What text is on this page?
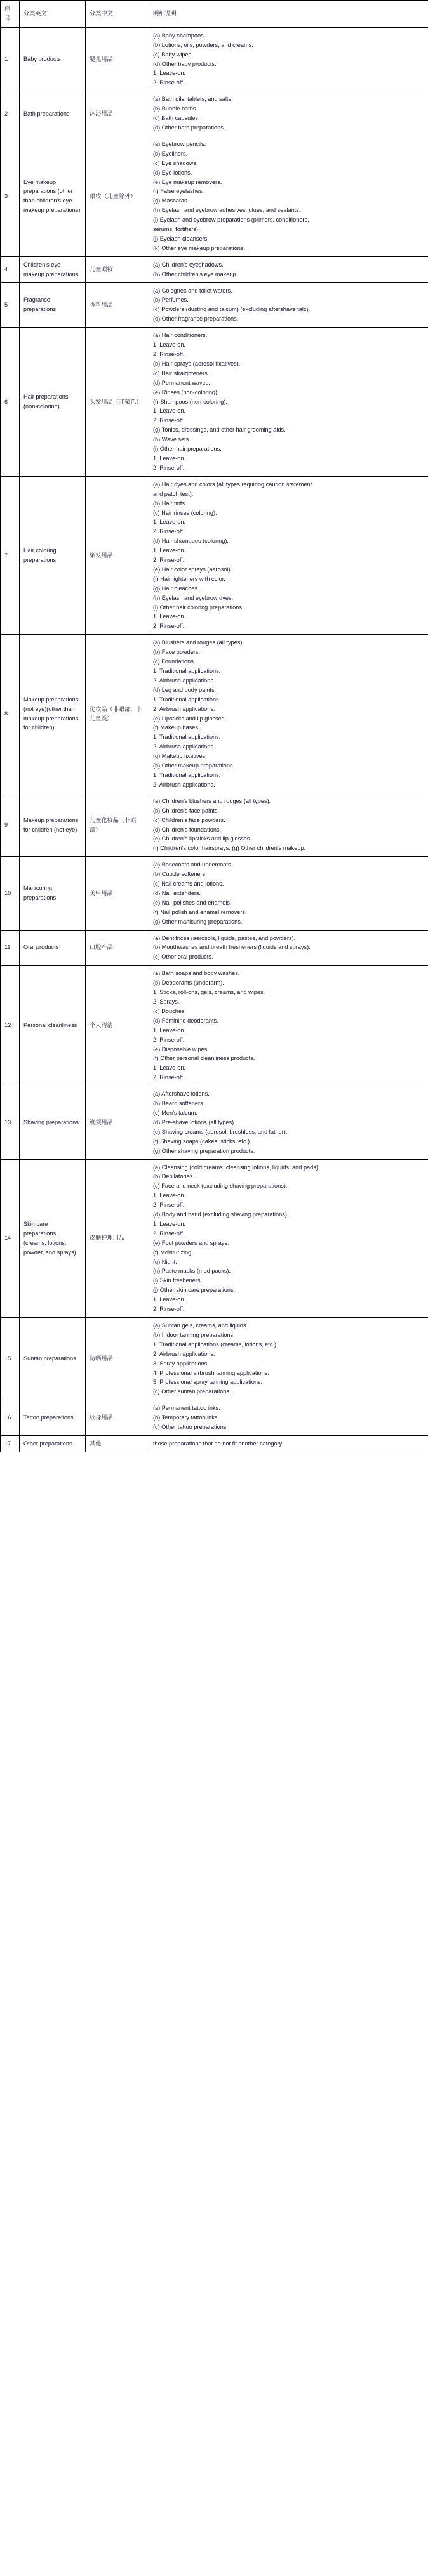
序号	分类英文	分类中文	明细说明
1	Baby products	婴儿用品	
(a) Baby shampoos.
(b) Lotions, oils, powders, and creams.
(c) Baby wipes.
(d) Other baby products.
1. Leave-on.
2. Rinse-off.

2	Bath preparations	沐浴用品	(a) Bath oils, tablets, and salts.
(b) Bubble baths.
(c) Bath capsules.
(d) Other bath preparations.

3	Eye makeup preparations (other than children’s eye makeup preparations)	眼妆（儿童除外）	
(a) Eyebrow pencils.
(b) Eyeliners.
(c) Eye shadows.
(d) Eye lotions.
(e) Eye makeup removers.
(f) False eyelashes.
(g) Mascaras.
(h) Eyelash and eyebrow adhesives, glues, and sealants.
(i) Eyelash and eyebrow preparations (primers, conditioners,
serums, fortifiers).
(j) Eyelash cleansers.
(k) Other eye makeup preparations.

4	Children’s eye makeup preparations	儿童眼妆	(a) Children’s eyeshadows.
(b) Other children’s eye makeup.

5	Fragrance preparations	香料用品	(a) Colognes and toilet waters.
(b) Perfumes.
(c) Powders (dusting and talcum) (excluding aftershave talc).
(d) Other fragrance preparations.

6	Hair preparations (non-coloring)	头发用品（非染色）	
(a) Hair conditioners.
1. Leave-on.
2. Rinse-off.
(b) Hair sprays (aerosol fixatives).
(c) Hair straighteners.
(d) Permanent waves.
(e) Rinses (non-coloring).
(f) Shampoos (non-coloring).
1. Leave-on.
2. Rinse-off.
(g) Tonics, dressings, and other hair grooming aids.
(h) Wave sets.
(i) Other hair preparations.
1. Leave-on.
2. Rinse-off.

7	Hair coloring preparations	染发用品	
(a) Hair dyes and colors (all types requiring caution statement
and patch test).
(b) Hair tints.
(c) Hair rinses (coloring).
1. Leave-on.
2. Rinse-off.
(d) Hair shampoos (coloring).
1. Leave-on.
2. Rinse-off.
(e) Hair color sprays (aerosol).
(f) Hair lighteners with color.
(g) Hair bleaches.
(h) Eyelash and eyebrow dyes.
(i) Other hair coloring preparations.
1. Leave-on.
2. Rinse-off.

8	Makeup preparations (not eye)(other than makeup preparations for children)	化妆品（非眼部，非儿童类）	
(a) Blushers and rouges (all types).
(b) Face powders.
(c) Foundations.
1. Traditional applications.
2. Airbrush applications.
(d) Leg and body paints.
1. Traditional applications.
2. Airbrush applications.
(e) Lipsticks and lip glosses.
(f) Makeup bases.
1. Traditional applications.
2. Airbrush applications.
(g) Makeup fixatives.
(h) Other makeup preparations.
1. Traditional applications.
2. Airbrush applications.

9	Makeup preparations for children (not eye)	儿童化妆品（非眼部）	
(a) Children’s blushers and rouges (all types).
(b) Children’s face paints.
(c) Children’s face powders.
(d) Children’s foundations.
(e) Children’s lipsticks and lip glosses.
(f) Children’s color hairsprays. (g) Other children’s makeup.

10	Manicuring preparations	美甲用品	
(a) Basecoats and undercoats.
(b) Cuticle softeners.
(c) Nail creams and lotions.
(d) Nail extenders.
(e) Nail polishes and enamels.
(f) Nail polish and enamel removers.
(g) Other manicuring preparations.

11	Oral products	口腔产品	(a) Dentifrices (aerosols, liquids, pastes, and powders).
(b) Mouthwashes and breath fresheners (liquids and sprays).
(c) Other oral products.

12	Personal cleanliness	个人清洁	
(a) Bath soaps and body washes.
(b) Deodorants (underarm).
1. Sticks, roll-ons, gels, creams, and wipes.
2. Sprays.
(c) Douches.
(d) Feminine deodorants.
1. Leave-on.
2. Rinse-off.
(e) Disposable wipes.
(f) Other personal cleanliness products.
1. Leave-on.
2. Rinse-off.

13	Shaving preparations	剃须用品	
(a) Aftershave lotions.
(b) Beard softeners.
(c) Men’s talcum.
(d) Pre-shave lotions (all types).
(e) Shaving creams (aerosol, brushless, and lather).
(f) Shaving soaps (cakes, sticks, etc.).
(g) Other shaving preparation products.

14	Skin care preparations. (creams, lotions, powder, and sprays)	皮肤护理用品	
(a) Cleansing (cold creams, cleansing lotions, liquids, and pads).
(b) Depilatories.
(c) Face and neck (excluding shaving preparations).
1. Leave-on.
2. Rinse-off.
(d) Body and hand (excluding shaving preparations).
1. Leave-on.
2. Rinse-off.
(e) Foot powders and sprays.
(f) Moisturizing.
(g) Night.
(h) Paste masks (mud packs).
(i) Skin fresheners.
(j) Other skin care preparations.
1. Leave-on.
2. Rinse-off.

15	Suntan preparations	防晒用品	
(a) Suntan gels, creams, and liquids.
(b) Indoor tanning preparations.
1. Traditional applications (creams, lotions, etc.).
2. Airbrush applications.
3. Spray applications.
4. Professional airbrush tanning applications.
5. Professional spray tanning applications.
(c) Other suntan preparations.

16	Tattoo preparations	纹身用品	(a) Permanent tattoo inks.
(b) Temporary tattoo inks.
(c) Other tattoo preparations.

17	Other preparations	其他	those preparations that do not fit another category
